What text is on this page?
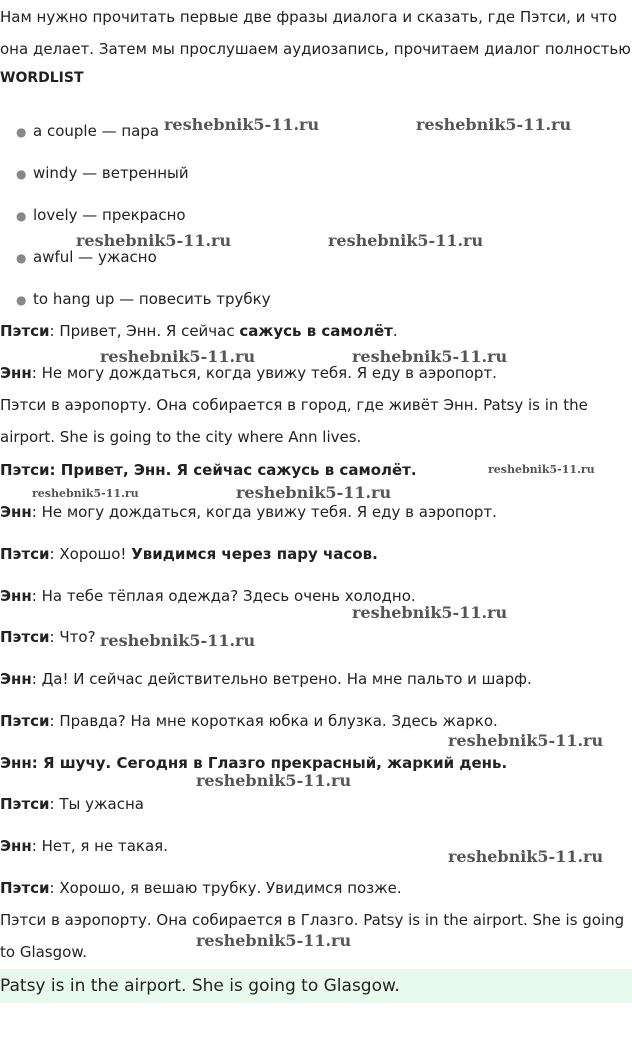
Нам нужно прочитать первые две фразы диалога и сказать, где Пэтси, и что она делает. Затем мы прослушаем аудиозапись, прочитаем диалог полностью
WORDLIST
● a couple — пара
● windy — ветренный
● lovely — прекрасно
● awful — ужасно
● to hang up — повесить трубку
Пэтси: Привет, Энн. Я сейчас сажусь в самолёт.
Энн: Не могу дождаться, когда увижу тебя. Я еду в аэропорт.
Пэтси в аэропорту. Она собирается в город, где живёт Энн. Patsy is in the airport. She is going to the city where Ann lives.
Пэтси: Привет, Энн. Я сейчас сажусь в самолёт.
Энн: Не могу дождаться, когда увижу тебя. Я еду в аэропорт.
Пэтси: Хорошо! Увидимся через пару часов.
Энн: На тебе тёплая одежда? Здесь очень холодно.
Пэтси: Что?
Энн: Да! И сейчас действительно ветрено. На мне пальто и шарф.
Пэтси: Правда? На мне короткая юбка и блузка. Здесь жарко.
Энн: Я шучу. Сегодня в Глазго прекрасный, жаркий день.
Пэтси: Ты ужасна
Энн: Нет, я не такая.
Пэтси: Хорошо, я вешаю трубку. Увидимся позже.
Пэтси в аэропорту. Она собирается в Глазго. Patsy is in the airport. She is going to Glasgow.
Patsy is in the airport. She is going to Glasgow.
reshebnik5-11.ru	reshebnik5-11.ru
reshebnik5-11.ru	reshebnik5-11.ru
reshebnik5-11.ru	reshebnik5-11.ru
reshebnik5-11.ru
reshebnik5-11.ru	reshebnik5-11.ru
reshebnik5-11.ru
reshebnik5-11.ru
reshebnik5-11.ru
reshebnik5-11.ru
reshebnik5-11.ru
reshebnik5-11.ru
